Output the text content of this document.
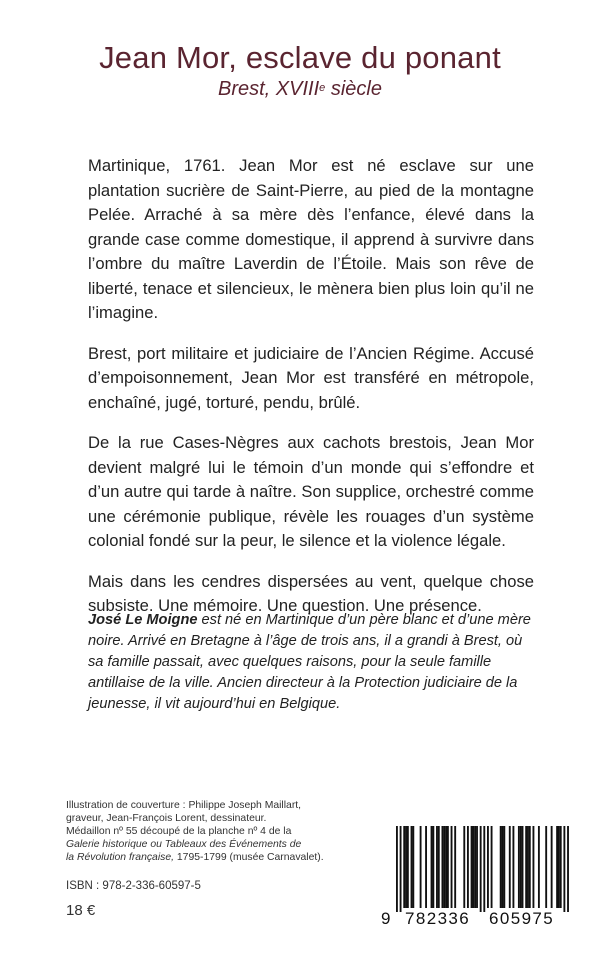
Jean Mor, esclave du ponant
Brest, XVIIIe siècle

Martinique, 1761. Jean Mor est né esclave sur une plantation sucrière de Saint-Pierre, au pied de la montagne Pelée. Arraché à sa mère dès l’enfance, élevé dans la grande case comme domestique, il apprend à survivre dans l’ombre du maître Laverdin de l’Étoile. Mais son rêve de liberté, tenace et silencieux, le mènera bien plus loin qu’il ne l’imagine.

Brest, port militaire et judiciaire de l’Ancien Régime. Accusé d’empoisonnement, Jean Mor est transféré en métropole, enchaîné, jugé, torturé, pendu, brûlé.

De la rue Cases-Nègres aux cachots brestois, Jean Mor devient malgré lui le témoin d’un monde qui s’effondre et d’un autre qui tarde à naître. Son supplice, orchestré comme une cérémonie publique, révèle les rouages d’un système colonial fondé sur la peur, le silence et la violence légale.

Mais dans les cendres dispersées au vent, quelque chose subsiste. Une mémoire. Une question. Une présence.

José Le Moigne est né en Martinique d’un père blanc et d’une mère noire. Arrivé en Bretagne à l’âge de trois ans, il a grandi à Brest, où sa famille passait, avec quelques raisons, pour la seule famille antillaise de la ville. Ancien directeur à la Protection judiciaire de la jeunesse, il vit aujourd’hui en Belgique.
Illustration de couverture : Philippe Joseph Maillart,
graveur, Jean-François Lorent, dessinateur.
Médaillon nº 55 découpé de la planche nº 4 de la
Galerie historique ou Tableaux des Événements de
la Révolution française, 1795-1799 (musée Carnavalet).
ISBN : 978-2-336-60597-5
18 €	9 782336 605975
